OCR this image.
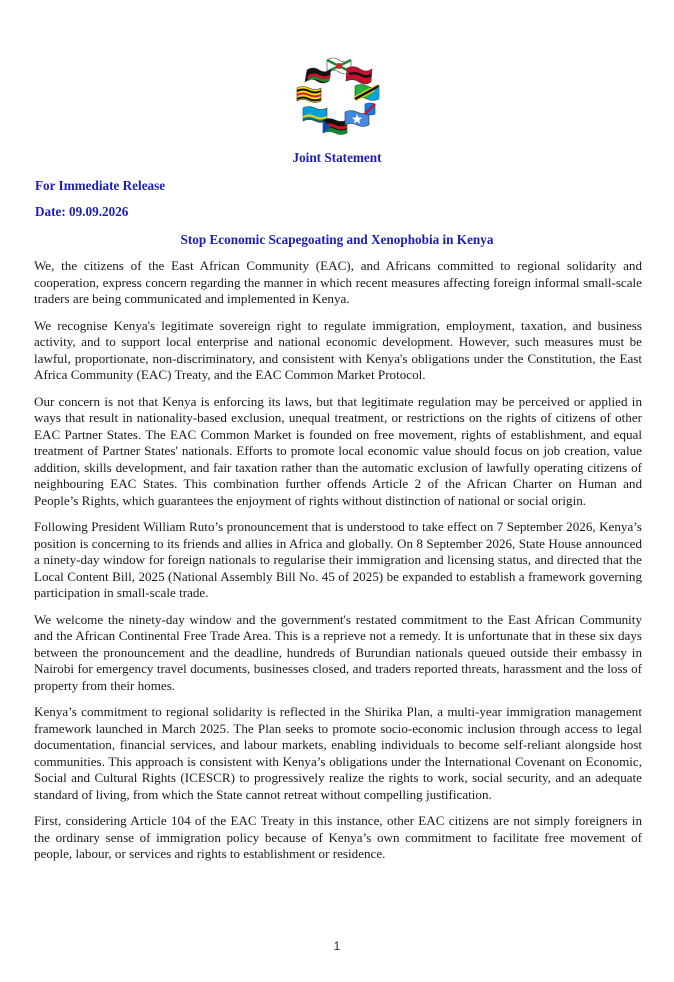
Joint Statement
For Immediate Release
Date: 09.09.2026
Stop Economic Scapegoating and Xenophobia in Kenya

We, the citizens of the East African Community (EAC), and Africans committed to regional solidarity and cooperation, express concern regarding the manner in which recent measures affecting foreign informal small-scale traders are being communicated and implemented in Kenya.

We recognise Kenya's legitimate sovereign right to regulate immigration, employment, taxation, and business activity, and to support local enterprise and national economic development. However, such measures must be lawful, proportionate, non-discriminatory, and consistent with Kenya's obligations under the Constitution, the East Africa Community (EAC) Treaty, and the EAC Common Market Protocol.

Our concern is not that Kenya is enforcing its laws, but that legitimate regulation may be perceived or applied in ways that result in nationality-based exclusion, unequal treatment, or restrictions on the rights of citizens of other EAC Partner States. The EAC Common Market is founded on free movement, rights of establishment, and equal treatment of Partner States' nationals. Efforts to promote local economic value should focus on job creation, value addition, skills development, and fair taxation rather than the automatic exclusion of lawfully operating citizens of neighbouring EAC States. This combination further offends Article 2 of the African Charter on Human and People’s Rights, which guarantees the enjoyment of rights without distinction of national or social origin.

Following President William Ruto’s pronouncement that is understood to take effect on 7 September 2026, Kenya’s position is concerning to its friends and allies in Africa and globally. On 8 September 2026, State House announced a ninety-day window for foreign nationals to regularise their immigration and licensing status, and directed that the Local Content Bill, 2025 (National Assembly Bill No. 45 of 2025) be expanded to establish a framework governing participation in small-scale trade.

We welcome the ninety-day window and the government's restated commitment to the East African Community and the African Continental Free Trade Area. This is a reprieve not a remedy. It is unfortunate that in these six days between the pronouncement and the deadline, hundreds of Burundian nationals queued outside their embassy in Nairobi for emergency travel documents, businesses closed, and traders reported threats, harassment and the loss of property from their homes.

Kenya’s commitment to regional solidarity is reflected in the Shirika Plan, a multi-year immigration management framework launched in March 2025. The Plan seeks to promote socio-economic inclusion through access to legal documentation, financial services, and labour markets, enabling individuals to become self-reliant alongside host communities. This approach is consistent with Kenya’s obligations under the International Covenant on Economic, Social and Cultural Rights (ICESCR) to progressively realize the rights to work, social security, and an adequate standard of living, from which the State cannot retreat without compelling justification.

First, considering Article 104 of the EAC Treaty in this instance, other EAC citizens are not simply foreigners in the ordinary sense of immigration policy because of Kenya’s own commitment to facilitate free movement of people, labour, or services and rights to establishment or residence.

1
